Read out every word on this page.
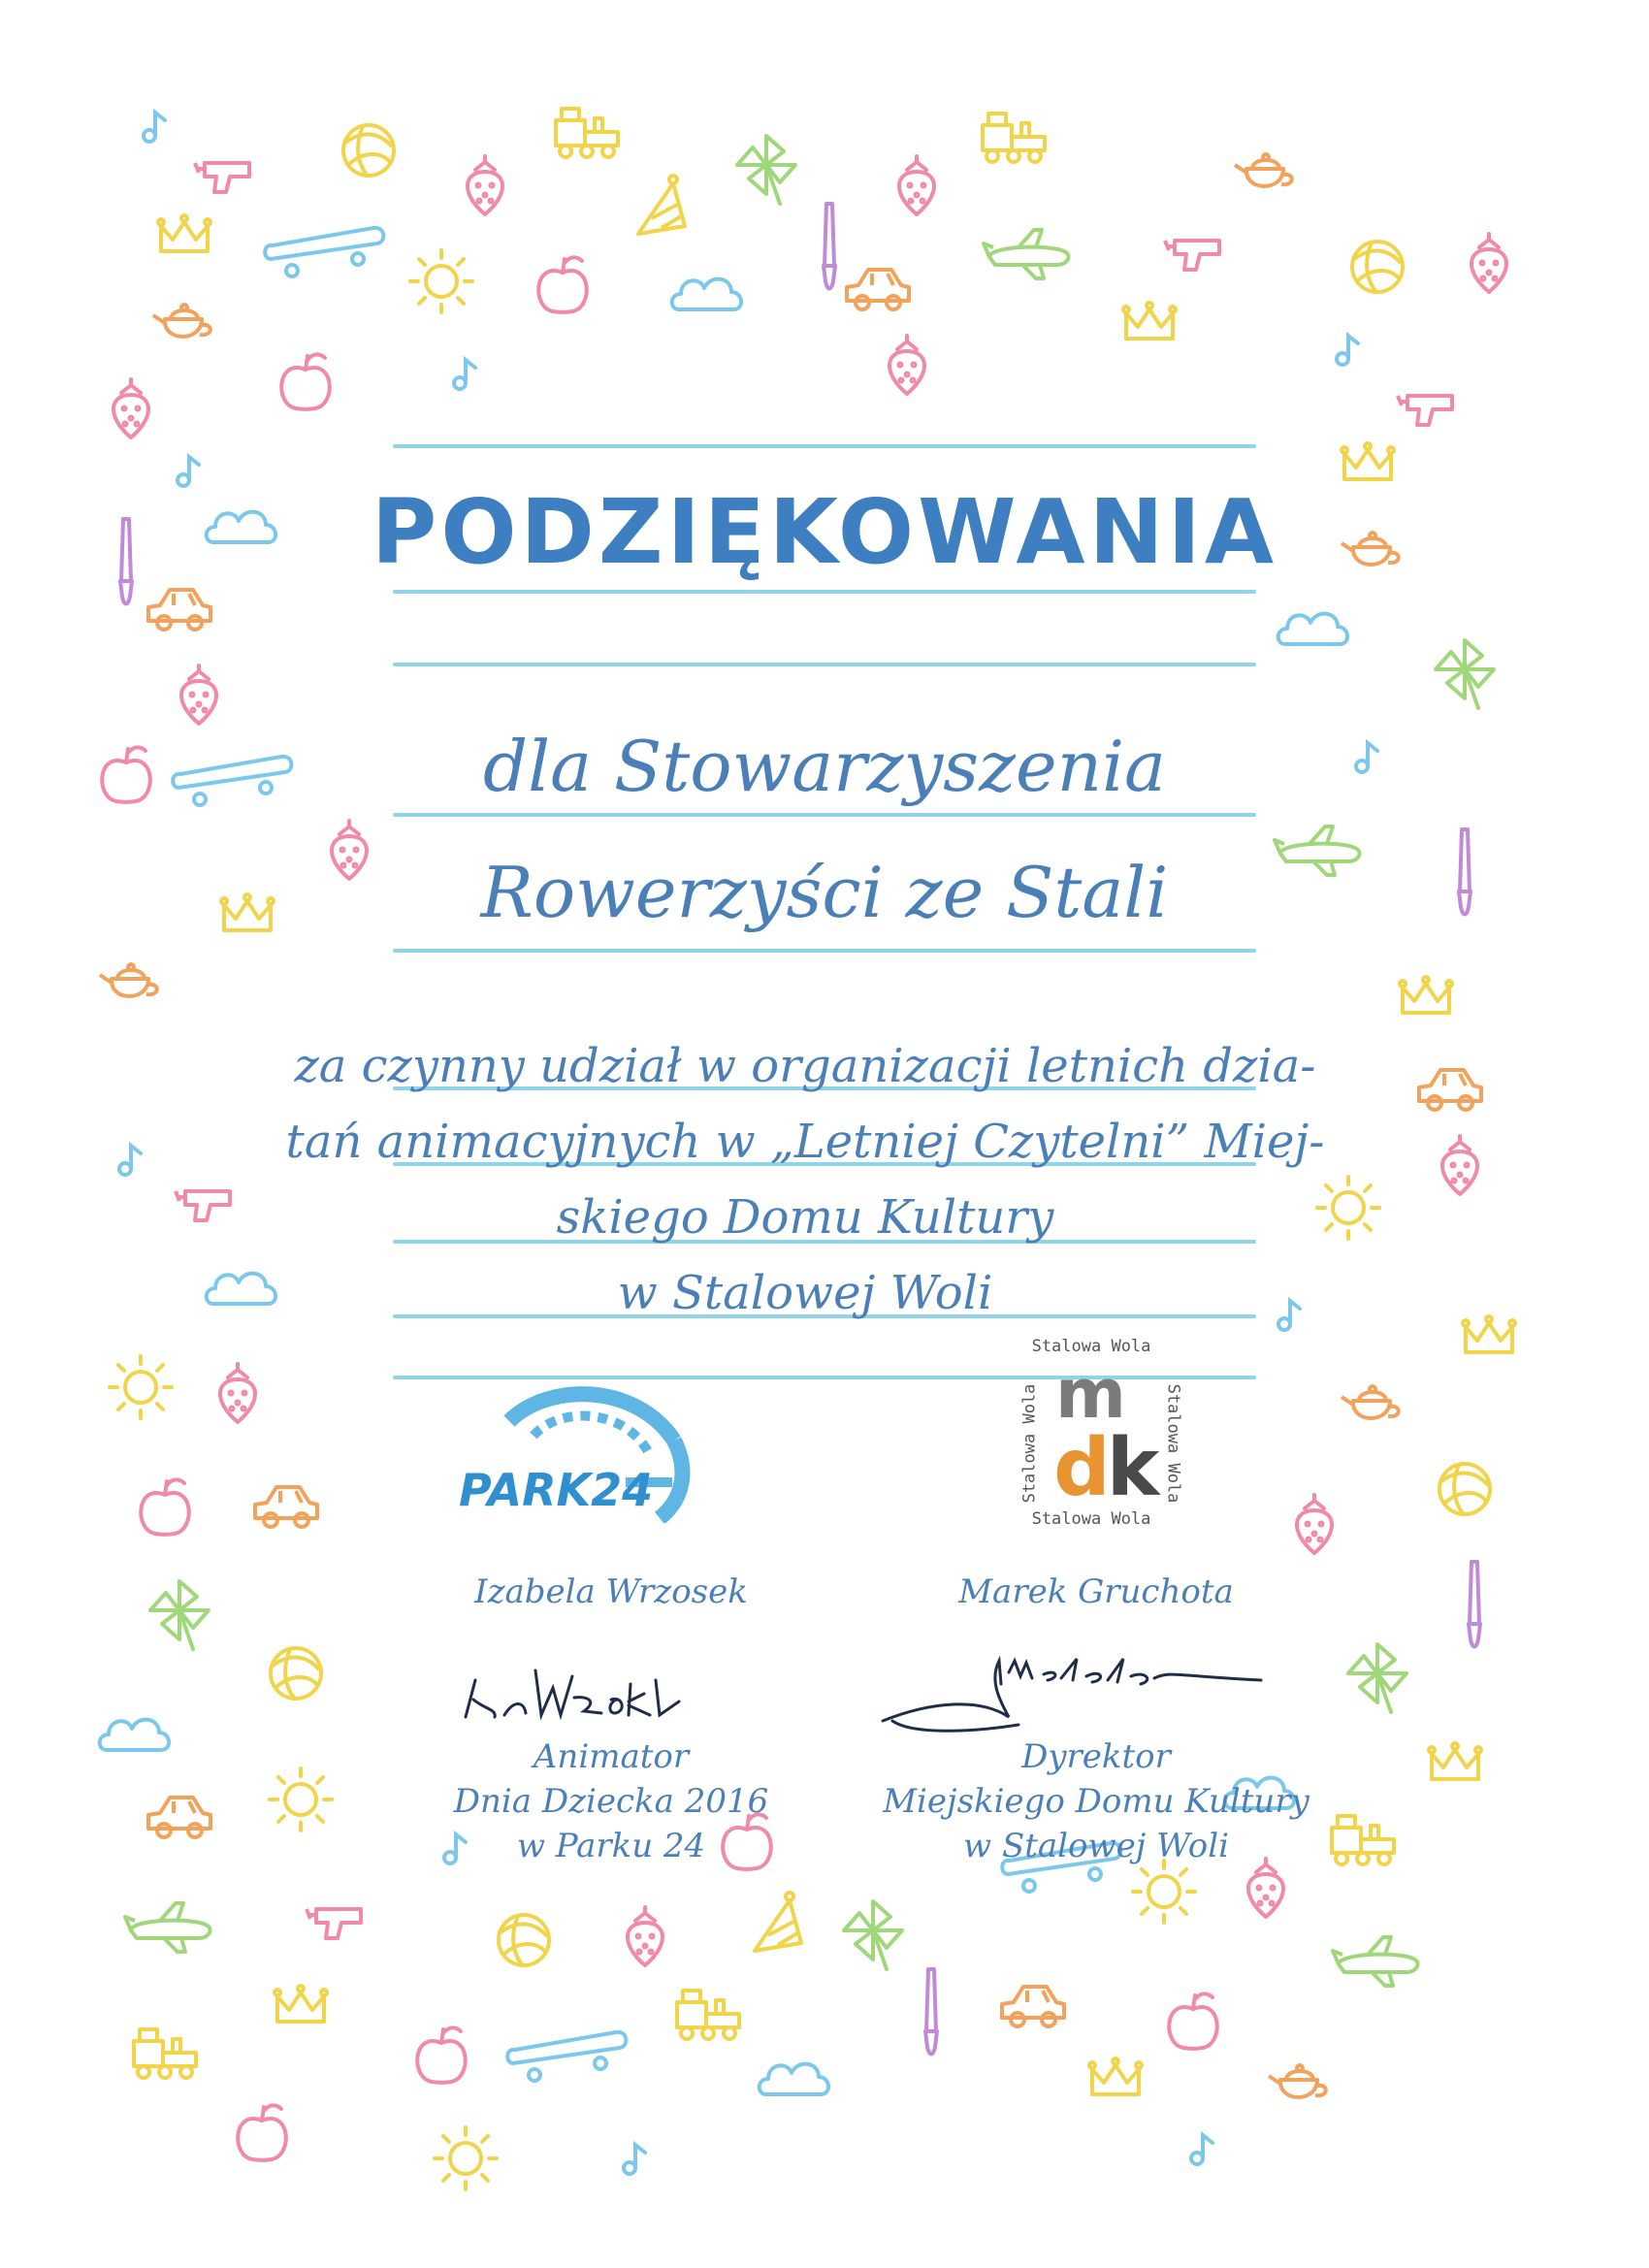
PODZIĘKOWANIA
dla Stowarzyszenia
Rowerzyści ze Stali
za czynny udział w organizacji letnich dzia-
tań animacyjnych w „Letniej Czytelni” Miej-
skiego Domu Kultury
w Stalowej Woli
PARK24
Stalowa Wola
Stalowa Wola	Stalowa Wola
m
dk
Stalowa Wola
Izabela Wrzosek
Animator
Dnia Dziecka 2016
w Parku 24
Marek Gruchota
Dyrektor
Miejskiego Domu Kultury
w Stalowej Woli
